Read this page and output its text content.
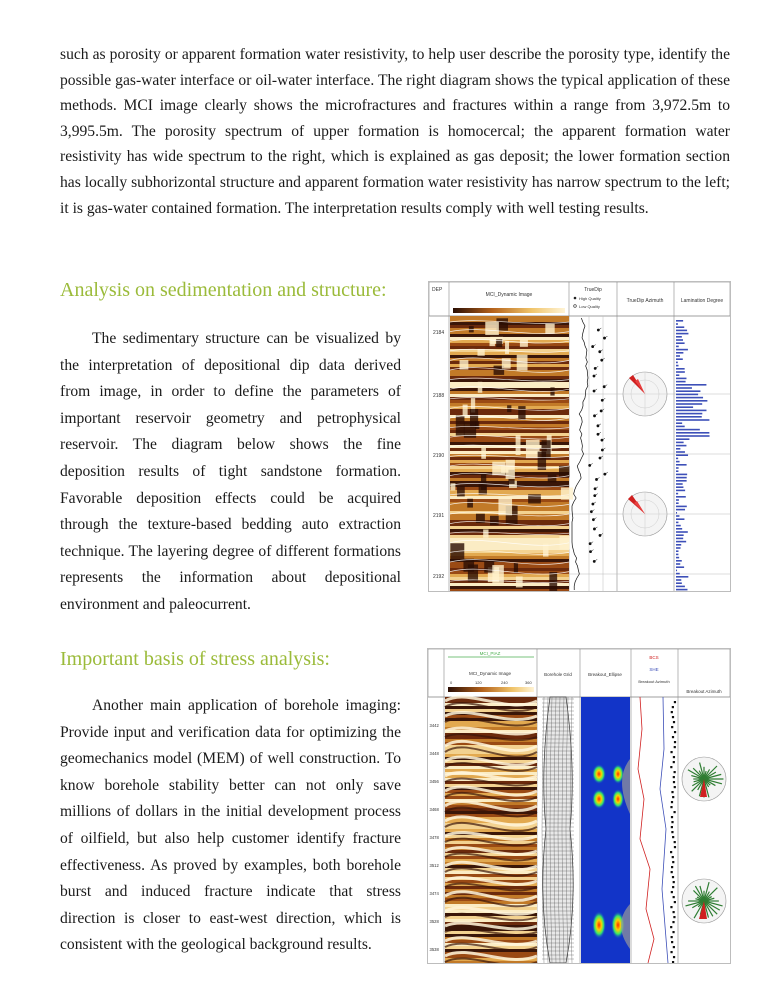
such as porosity or apparent formation water resistivity, to help user describe the porosity type, identify the possible gas-water interface or oil-water interface. The right diagram shows the typical application of these methods. MCI image clearly shows the microfractures and fractures within a range from 3,972.5m to 3,995.5m. The porosity spectrum of upper formation is homocercal; the apparent formation water resistivity has wide spectrum to the right, which is explained as gas deposit; the lower formation section has locally subhorizontal structure and apparent formation water resistivity has narrow spectrum to the left; it is gas-water contained formation. The interpretation results comply with well testing results.

Analysis on sedimentation and structure:

The sedimentary structure can be visualized by the interpretation of depositional dip data derived from image, in order to define the parameters of important reservoir geometry and petrophysical reservoir. The diagram below shows the fine deposition results of tight sandstone formation. Favorable deposition effects could be acquired through the texture-based bedding auto extraction technique. The layering degree of different formations represents the information about depositional environment and paleocurrent.

DEP
MCI_Dynamic Image
TrueDip
High Quality
Low Quality
TrueDip Azimuth	Lamination Degree
2184
2188
2190
2191
2192
Important basis of stress analysis:

Another main application of borehole imaging: Provide input and verification data for optimizing the geomechanics model (MEM) of well construction. To know borehole stability better can not only save millions of dollars in the initial development process of oilfield, but also help customer identify fracture effectiveness. As proved by examples, both borehole burst and induced fracture indicate that stress direction is closer to east-west direction, which is consistent with the geological background results.

MCI_PIAZ
MCI_Dynamic Image
0	120	240	360
Borehole Grid	Breakout_Ellipse
BCS
SHE
Breakout Azimuth
Breakout Azimuth
3442
3448
3456
3468
3478
3512
3474
3528
3538
